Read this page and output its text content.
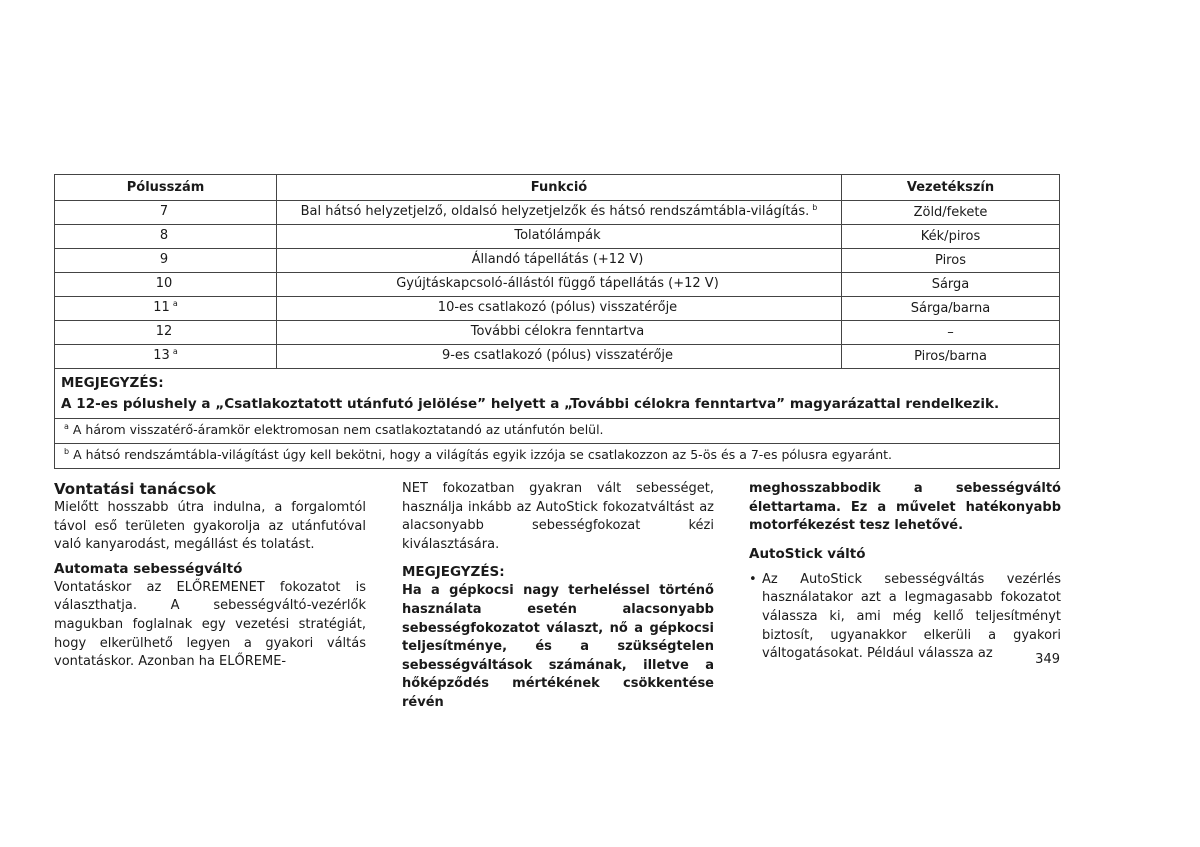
Pólusszám	Funkció	Vezetékszín
7	Bal hátsó helyzetjelző, oldalsó helyzetjelzők és hátsó rendszámtábla-világítás. $^b$	Zöld/fekete
8	Tolatólámpák	Kék/piros
9	Állandó tápellátás (+12 V)	Piros
10	Gyújtáskapcsoló-állástól függő tápellátás (+12 V)	Sárga
11 $^a$	10-es csatlakozó (pólus) visszatérője	Sárga/barna
12	További célokra fenntartva	–
13 $^a$	9-es csatlakozó (pólus) visszatérője	Piros/barna

MEGJEGYZÉS:
A 12-es pólushely a „Csatlakoztatott utánfutó jelölése” helyett a „További célokra fenntartva” magyarázattal rendelkezik.		

$^a$ A három visszatérő-áramkör elektromosan nem csatlakoztatandó az utánfutón belül.		
$^b$ A hátsó rendszámtábla-világítást úgy kell bekötni, hogy a világítás egyik izzója se csatlakozzon az 5-ös és a 7-es pólusra egyaránt.		
Vontatási tanácsok

Mielőtt hosszabb útra indulna, a forgalomtól távol eső területen gyakorolja az utánfutóval való kanyarodást, megállást és tolatást.

Automata sebességváltó

Vontatáskor az ELŐREMENET fokozatot is választhatja. A sebességváltó-vezérlők magukban foglalnak egy vezetési stratégiát, hogy elkerülhető legyen a gyakori váltás vontatáskor. Azonban ha ELŐREME-

NET fokozatban gyakran vált sebességet, használja inkább az AutoStick fokozatváltást az alacsonyabb sebességfokozat kézi kiválasztására.

MEGJEGYZÉS:

Ha a gépkocsi nagy terheléssel történő használata esetén alacsonyabb sebességfokozatot választ, nő a gépkocsi teljesítménye, és a szükségtelen sebességváltások számának, illetve a hőképződés mértékének csökkentése révén

meghosszabbodik a sebességváltó élettartama. Ez a művelet hatékonyabb motorfékezést tesz lehetővé.

AutoStick váltó
• Az AutoStick sebességváltás vezérlés használatakor azt a legmagasabb fokozatot válassza ki, ami még kellő teljesítményt biztosít, ugyanakkor elkerüli a gyakori váltogatásokat. Például válassza az	349
